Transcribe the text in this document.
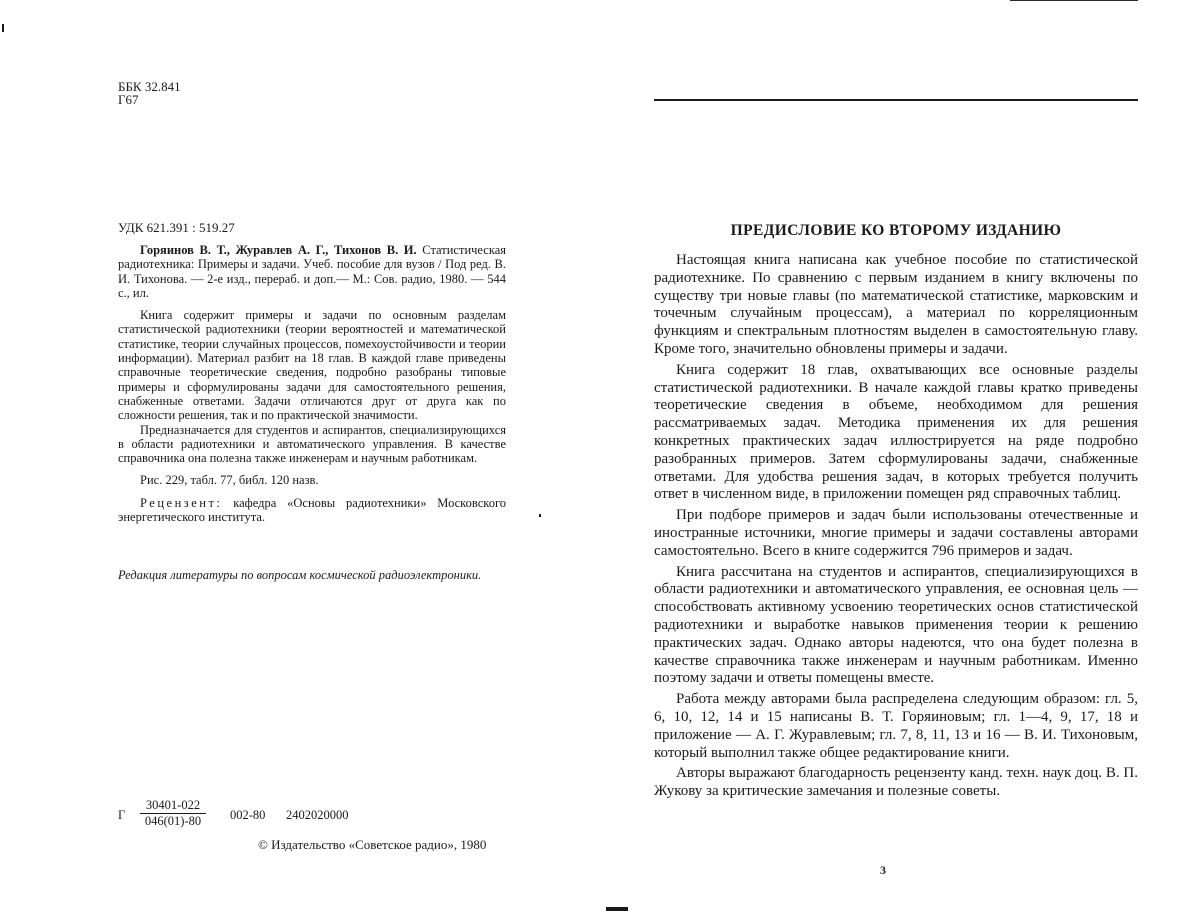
ББК 32.841
Г67
УДК 621.391 : 519.27

Горяинов В. Т., Журавлев А. Г., Тихонов В. И. Статистическая радиотехника: Примеры и задачи. Учеб. пособие для вузов / Под ред. В. И. Тихонова. — 2-е изд., перераб. и доп.— М.: Сов. радио, 1980. — 544 с., ил.

Книга содержит примеры и задачи по основным разделам статистической радиотехники (теории вероятностей и математической статистике, теории случайных процессов, помехоустойчивости и теории информации). Материал разбит на 18 глав. В каждой главе приведены справочные теоретические сведения, подробно разобраны типовые примеры и сформулированы задачи для самостоятельного решения, снабженные ответами. Задачи отличаются друг от друга как по сложности решения, так и по практической значимости.

Предназначается для студентов и аспирантов, специализирующихся в области радиотехники и автоматического управления. В качестве справочника она полезна также инженерам и научным работникам.

Рис. 229, табл. 77, библ. 120 назв.

Рецензент: кафедра «Основы радиотехники» Московского энергетического института.

Редакция литературы по вопросам космической радиоэлектроники.
Г $\frac{30401-022}{046(01)-80} 002-80$ 2402020000
© Издательство «Советское радио», 1980
ПРЕДИСЛОВИЕ КО ВТОРОМУ ИЗДАНИЮ

Настоящая книга написана как учебное пособие по статистической радиотехнике. По сравнению с первым изданием в книгу включены по существу три новые главы (по математической статистике, марковским и точечным случайным процессам), а материал по корреляционным функциям и спектральным плотностям выделен в самостоятельную главу. Кроме того, значительно обновлены примеры и задачи.

Книга содержит 18 глав, охватывающих все основные разделы статистической радиотехники. В начале каждой главы кратко приведены теоретические сведения в объеме, необходимом для решения рассматриваемых задач. Методика применения их для решения конкретных практических задач иллюстрируется на ряде подробно разобранных примеров. Затем сформулированы задачи, снабженные ответами. Для удобства решения задач, в которых требуется получить ответ в численном виде, в приложении помещен ряд справочных таблиц.

При подборе примеров и задач были использованы отечественные и иностранные источники, многие примеры и задачи составлены авторами самостоятельно. Всего в книге содержится 796 примеров и задач.

Книга рассчитана на студентов и аспирантов, специализирующихся в области радиотехники и автоматического управления, ее основная цель — способствовать активному усвоению теоретических основ статистической радиотехники и выработке навыков применения теории к решению практических задач. Однако авторы надеются, что она будет полезна в качестве справочника также инженерам и научным работникам. Именно поэтому задачи и ответы помещены вместе.

Работа между авторами была распределена следующим образом: гл. 5, 6, 10, 12, 14 и 15 написаны В. Т. Горяиновым; гл. 1—4, 9, 17, 18 и приложение — А. Г. Журавлевым; гл. 7, 8, 11, 13 и 16 — В. И. Тихоновым, который выполнил также общее редактирование книги.

Авторы выражают благодарность рецензенту канд. техн. наук доц. В. П. Жукову за критические замечания и полезные советы.

3
